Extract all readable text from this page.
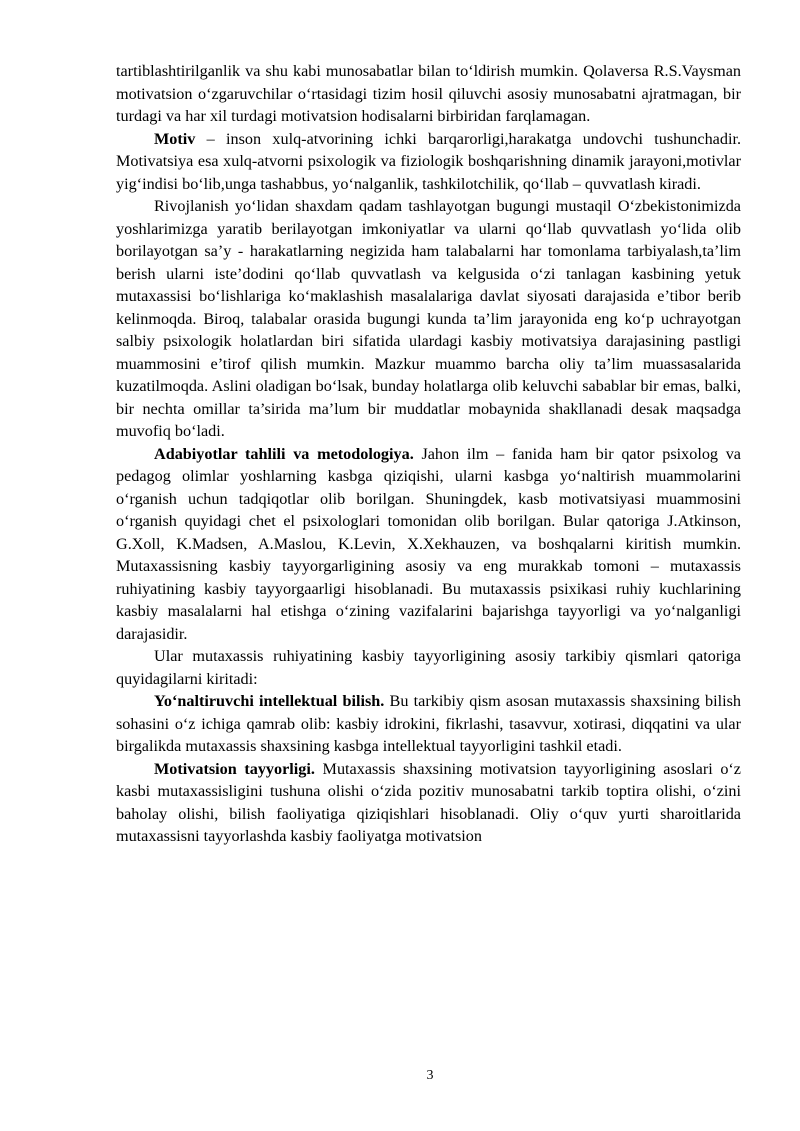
tartiblashtirilganlik va shu kabi munosabatlar bilan to‘ldirish mumkin. Qolaversa R.S.Vaysman motivatsion o‘zgaruvchilar o‘rtasidagi tizim hosil qiluvchi asosiy munosabatni ajratmagan, bir turdagi va har xil turdagi motivatsion hodisalarni birbiridan farqlamagan.

Motiv – inson xulq-atvorining ichki barqarorligi,harakatga undovchi tushunchadir. Motivatsiya esa xulq-atvorni psixologik va fiziologik boshqarishning dinamik jarayoni,motivlar yig‘indisi bo‘lib,unga tashabbus, yo‘nalganlik, tashkilotchilik, qo‘llab – quvvatlash kiradi.

Rivojlanish yo‘lidan shaxdam qadam tashlayotgan bugungi mustaqil O‘zbekistonimizda yoshlarimizga yaratib berilayotgan imkoniyatlar va ularni qo‘llab quvvatlash yo‘lida olib borilayotgan sa’y - harakatlarning negizida ham talabalarni har tomonlama tarbiyalash,ta’lim berish ularni iste’dodini qo‘llab quvvatlash va kelgusida o‘zi tanlagan kasbining yetuk mutaxassisi bo‘lishlariga ko‘maklashish masalalariga davlat siyosati darajasida e’tibor berib kelinmoqda. Biroq, talabalar orasida bugungi kunda ta’lim jarayonida eng ko‘p uchrayotgan salbiy psixologik holatlardan biri sifatida ulardagi kasbiy motivatsiya darajasining pastligi muammosini e’tirof qilish mumkin. Mazkur muammo barcha oliy ta’lim muassasalarida kuzatilmoqda. Aslini oladigan bo‘lsak, bunday holatlarga olib keluvchi sabablar bir emas, balki, bir nechta omillar ta’sirida ma’lum bir muddatlar mobaynida shakllanadi desak maqsadga muvofiq bo‘ladi.

Adabiyotlar tahlili va metodologiya. Jahon ilm – fanida ham bir qator psixolog va pedagog olimlar yoshlarning kasbga qiziqishi, ularni kasbga yo‘naltirish muammolarini o‘rganish uchun tadqiqotlar olib borilgan. Shuningdek, kasb motivatsiyasi muammosini o‘rganish quyidagi chet el psixologlari tomonidan olib borilgan. Bular qatoriga J.Atkinson, G.Xoll, K.Madsen, A.Maslou, K.Levin, X.Xekhauzen, va boshqalarni kiritish mumkin. Mutaxassisning kasbiy tayyorgarligining asosiy va eng murakkab tomoni – mutaxassis ruhiyatining kasbiy tayyorgaarligi hisoblanadi. Bu mutaxassis psixikasi ruhiy kuchlarining kasbiy masalalarni hal etishga o‘zining vazifalarini bajarishga tayyorligi va yo‘nalganligi darajasidir.

Ular mutaxassis ruhiyatining kasbiy tayyorligining asosiy tarkibiy qismlari qatoriga quyidagilarni kiritadi:

Yo‘naltiruvchi intellektual bilish. Bu tarkibiy qism asosan mutaxassis shaxsining bilish sohasini o‘z ichiga qamrab olib: kasbiy idrokini, fikrlashi, tasavvur, xotirasi, diqqatini va ular birgalikda mutaxassis shaxsining kasbga intellektual tayyorligini tashkil etadi.

Motivatsion tayyorligi. Mutaxassis shaxsining motivatsion tayyorligining asoslari o‘z kasbi mutaxassisligini tushuna olishi o‘zida pozitiv munosabatni tarkib toptira olishi, o‘zini baholay olishi, bilish faoliyatiga qiziqishlari hisoblanadi. Oliy o‘quv yurti sharoitlarida mutaxassisni tayyorlashda kasbiy faoliyatga motivatsion

3
